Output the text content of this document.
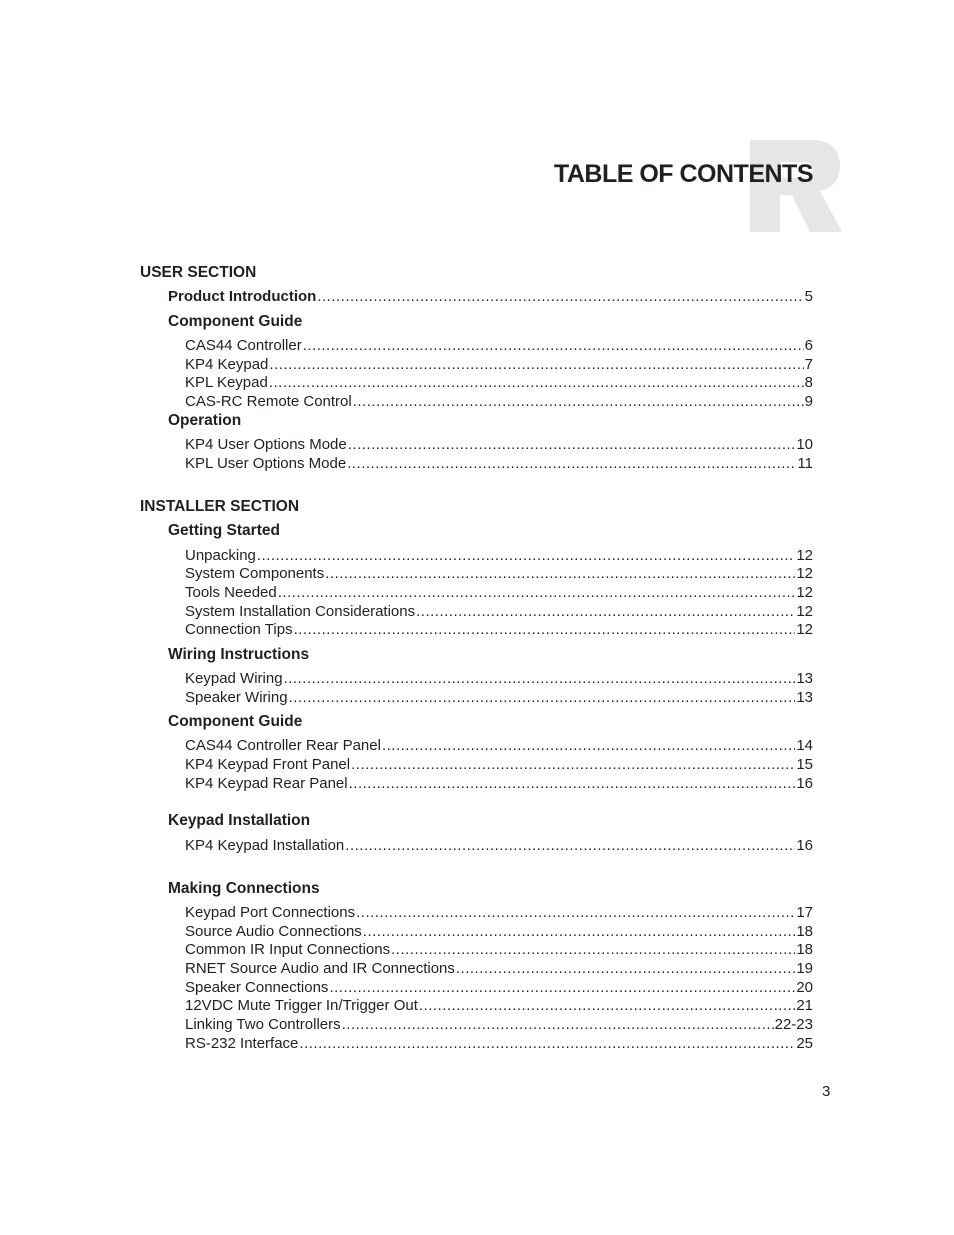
TABLE OF CONTENTS
USER SECTION
Product Introduction .....	5
Component Guide
CAS44 Controller .....	6
KP4 Keypad .....	7
KPL Keypad .....	8
CAS-RC Remote Control .....	9
Operation
KP4 User Options Mode .....	10
KPL User Options Mode .....	11
INSTALLER SECTION
Getting Started
Unpacking .....	12
System Components .....	12
Tools Needed .....	12
System Installation Considerations .....	12
Connection Tips .....	12
Wiring Instructions
Keypad Wiring .....	13
Speaker Wiring .....	13
Component Guide
CAS44 Controller Rear Panel .....	14
KP4 Keypad Front Panel .....	15
KP4 Keypad Rear Panel .....	16
Keypad Installation
KP4 Keypad Installation .....	16
Making Connections
Keypad Port Connections .....	17
Source Audio Connections .....	18
Common IR Input Connections .....	18
RNET Source Audio and IR Connections .....	19
Speaker Connections .....	20
12VDC Mute Trigger In/Trigger Out .....	21
Linking Two Controllers .....	22-23
RS-232 Interface .....	25
3
